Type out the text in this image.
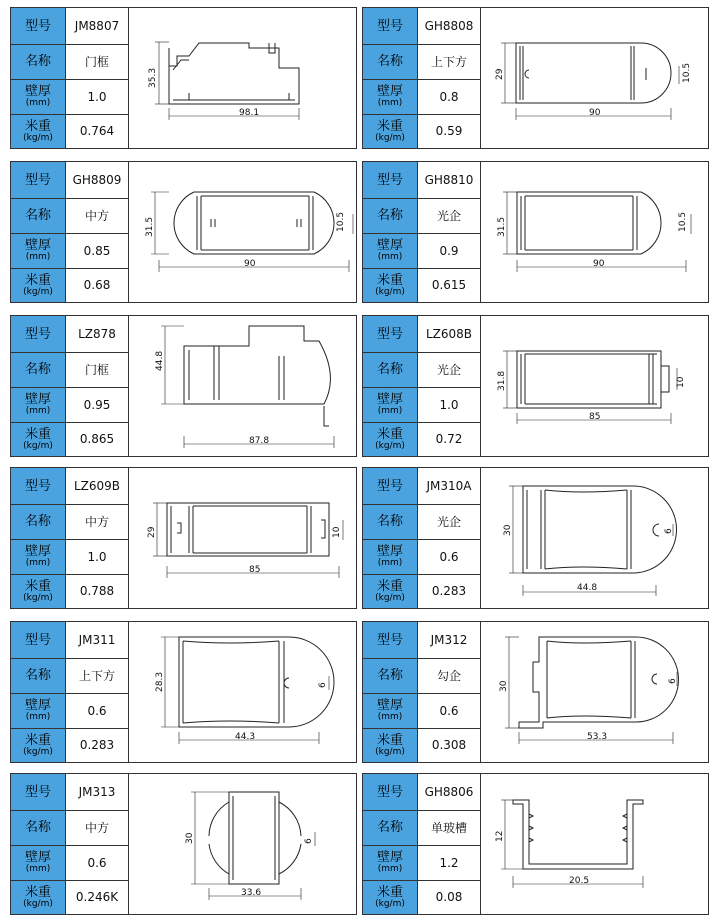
型号	JM8807
名称	门框
壁厚
(mm)	1.0
米重
(kg/m)	0.764
35.3
98.1
型号	GH8808
名称	上下方
壁厚
(mm)	0.8
米重
(kg/m)	0.59
29	10.5
90
型号	GH8809
名称	中方
壁厚
(mm)	0.85
米重
(kg/m)	0.68
31.5	10.5
90
型号	GH8810
名称	光企
壁厚
(mm)	0.9
米重
(kg/m)	0.615
31.5	10.5
90
型号	LZ878
名称	门框
壁厚
(mm)	0.95
米重
(kg/m)	0.865
44.8
87.8
型号	LZ608B
名称	光企
壁厚
(mm)	1.0
米重
(kg/m)	0.72
31.8	10
85
型号	LZ609B
名称	中方
壁厚
(mm)	1.0
米重
(kg/m)	0.788
29	10
85
型号	JM310A
名称	光企
壁厚
(mm)	0.6
米重
(kg/m)	0.283
30	6
44.8
型号	JM311
名称	上下方
壁厚
(mm)	0.6
米重
(kg/m)	0.283
28.3	6
44.3
型号	JM312
名称	勾企
壁厚
(mm)	0.6
米重
(kg/m)	0.308
30	6
53.3
型号	JM313
名称	中方
壁厚
(mm)	0.6
米重
(kg/m)	0.246K
30	6
33.6
型号	GH8806
名称	单玻槽
壁厚
(mm)	1.2
米重
(kg/m)	0.08
12
20.5
